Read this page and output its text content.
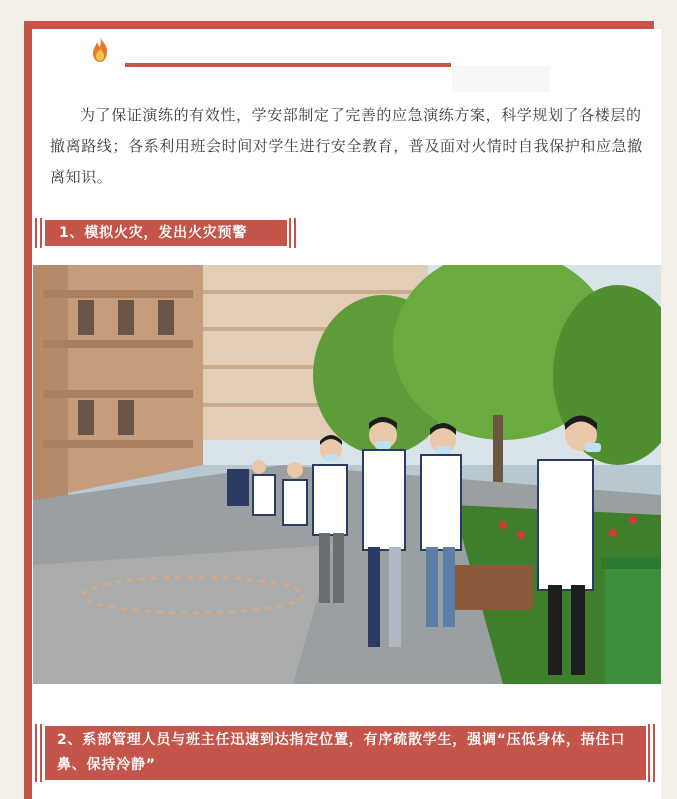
为了保证演练的有效性，学安部制定了完善的应急演练方案，科学规划了各楼层的撤离路线；各系利用班会时间对学生进行安全教育，普及面对火情时自我保护和应急撤离知识。
1、模拟火灾，发出火灾预警
2、系部管理人员与班主任迅速到达指定位置，有序疏散学生，强调“压低身体，捂住口鼻、保持冷静”
